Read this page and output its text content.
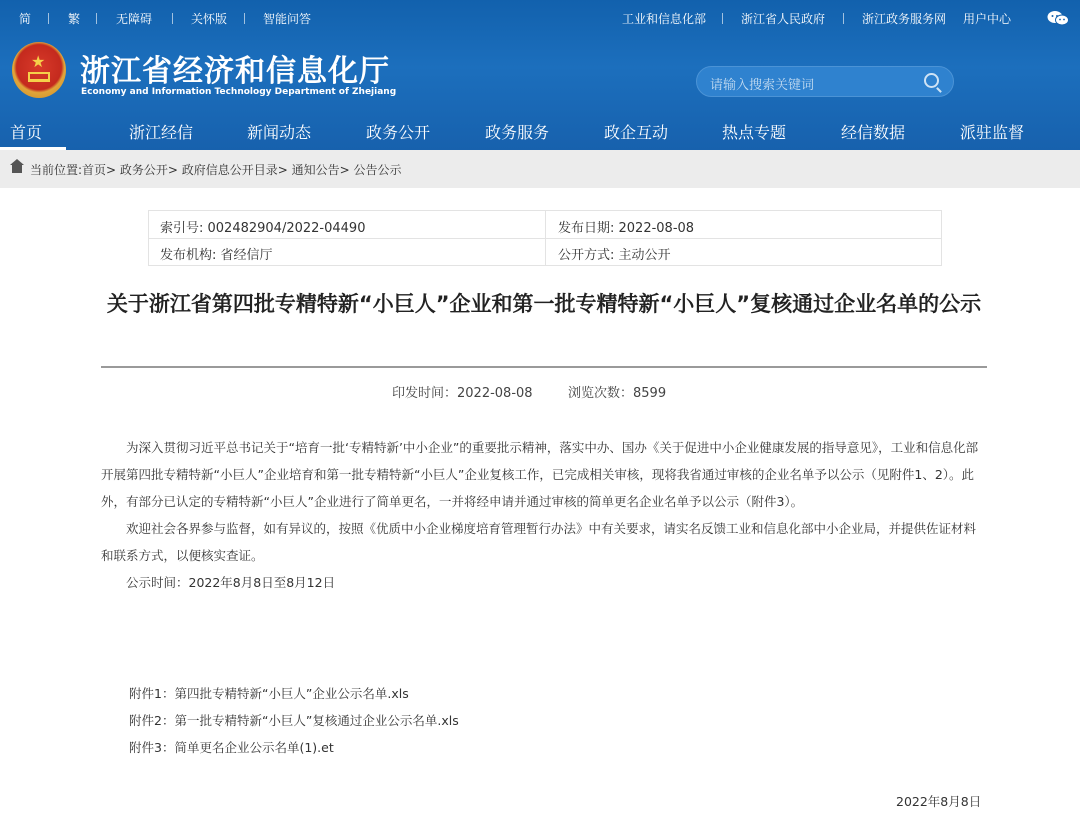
简	繁	无障碍	关怀版	智能问答	工业和信息化部	浙江省人民政府	浙江政务服务网 用户中心
★ 浙江省经济和信息化厅
Economy and Information Technology Department of Zhejiang	请输入搜索关键词
首页	浙江经信	新闻动态	政务公开	政务服务	政企互动	热点专题	经信数据	派驻监督
当前位置:首页> 政务公开> 政府信息公开目录> 通知公告> 公告公示
索引号: 002482904/2022-04490	发布日期: 2022-08-08
发布机构: 省经信厅	公开方式: 主动公开
关于浙江省第四批专精特新“小巨人”企业和第一批专精特新“小巨人”复核通过企业名单的公示
印发时间：2022-08-08	浏览次数：8599

为深入贯彻习近平总书记关于“培育一批‘专精特新’中小企业”的重要批示精神，落实中办、国办《关于促进中小企业健康发展的指导意见》，工业和信息化部开展第四批专精特新“小巨人”企业培育和第一批专精特新“小巨人”企业复核工作，已完成相关审核，现将我省通过审核的企业名单予以公示（见附件1、2）。此外，有部分已认定的专精特新“小巨人”企业进行了简单更名，一并将经申请并通过审核的简单更名企业名单予以公示（附件3）。

欢迎社会各界参与监督，如有异议的，按照《优质中小企业梯度培育管理暂行办法》中有关要求，请实名反馈工业和信息化部中小企业局，并提供佐证材料和联系方式，以便核实查证。

公示时间：2022年8月8日至8月12日

附件1：第四批专精特新“小巨人”企业公示名单.xls
附件2：第一批专精特新“小巨人”复核通过企业公示名单.xls
附件3：简单更名企业公示名单(1).et
2022年8月8日
